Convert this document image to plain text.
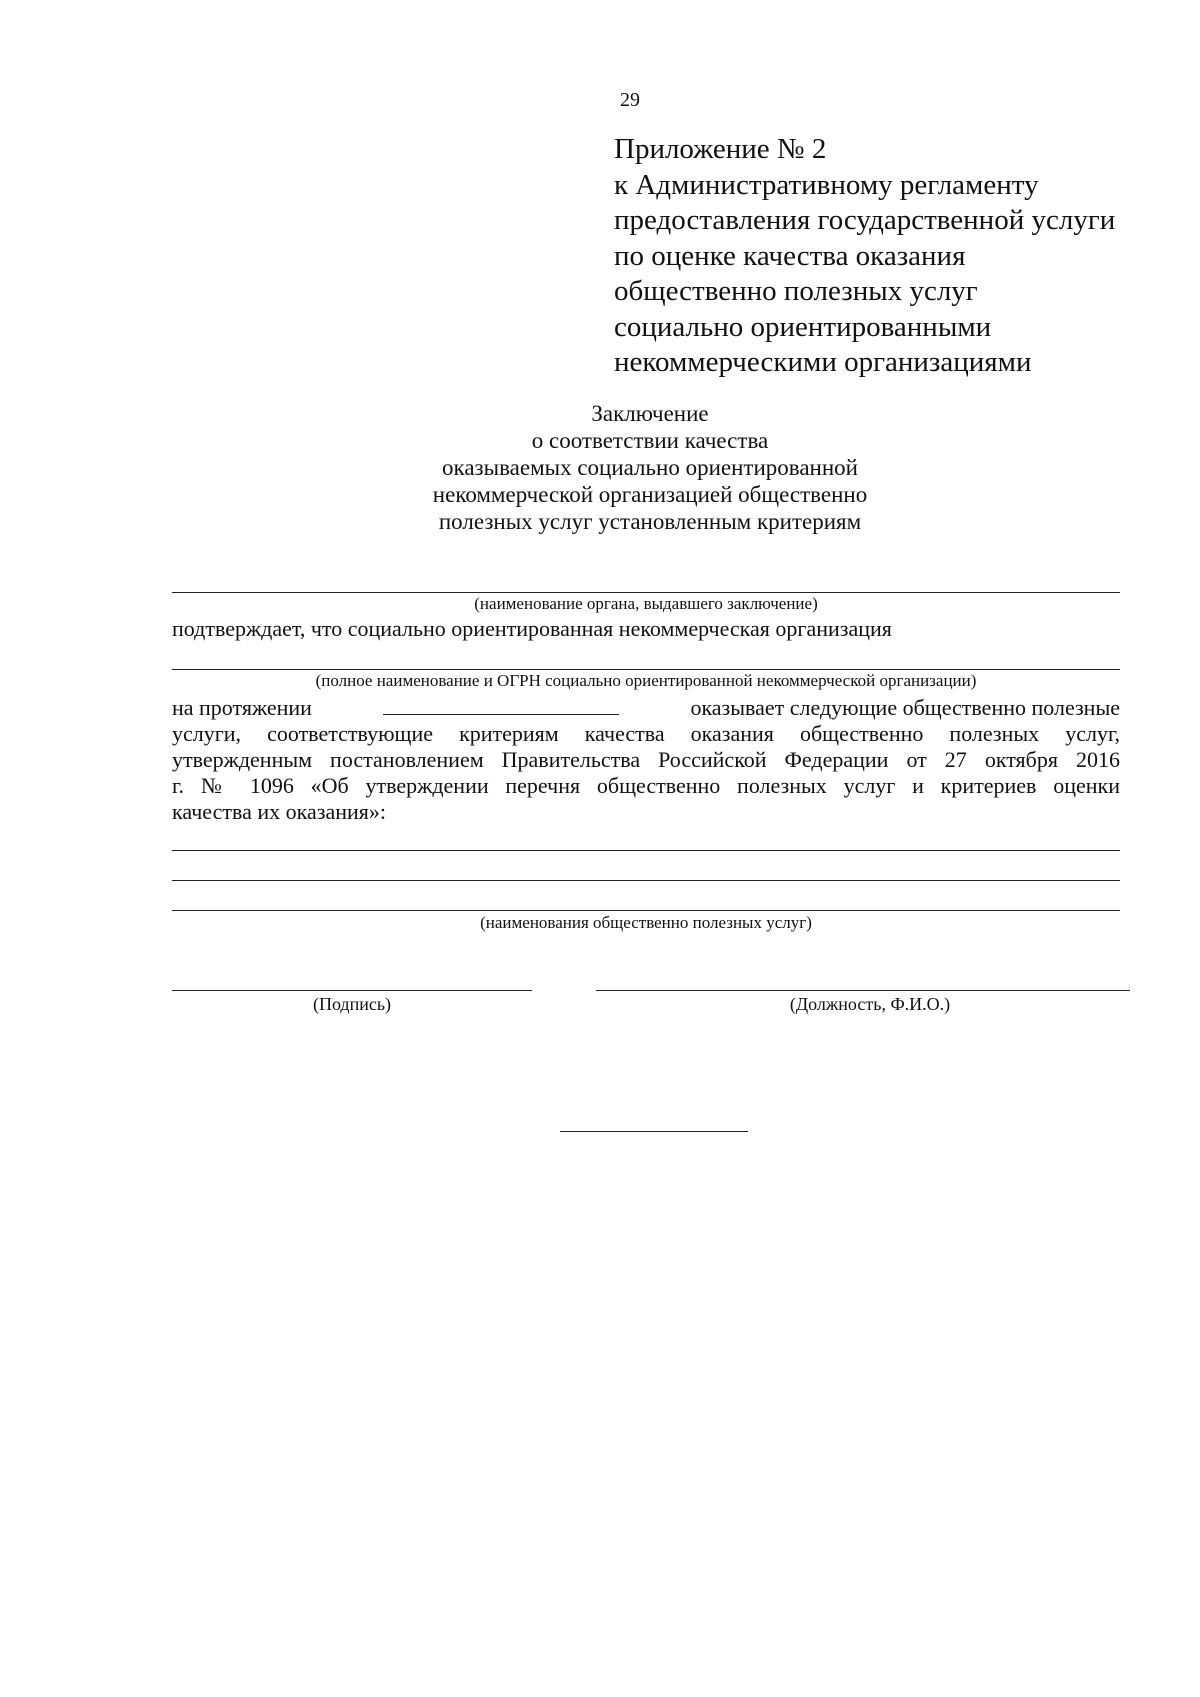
29
Приложение № 2
к Административному регламенту
предоставления государственной услуги
по оценке качества оказания
общественно полезных услуг
социально ориентированными
некоммерческими организациями
Заключение
о соответствии качества
оказываемых социально ориентированной
некоммерческой организацией общественно
полезных услуг установленным критериям
(наименование органа, выдавшего заключение)
подтверждает, что социально ориентированная некоммерческая организация
(полное наименование и ОГРН социально ориентированной некоммерческой организации)
на протяжении	оказывает следующие общественно полезные
услуги, соответствующие критериям качества оказания общественно полезных услуг,
утвержденным постановлением Правительства Российской Федерации от 27 октября 2016
г. № 1096 «Об утверждении перечня общественно полезных услуг и критериев оценки
качества их оказания»:
(наименования общественно полезных услуг)
(Подпись)	(Должность, Ф.И.О.)
